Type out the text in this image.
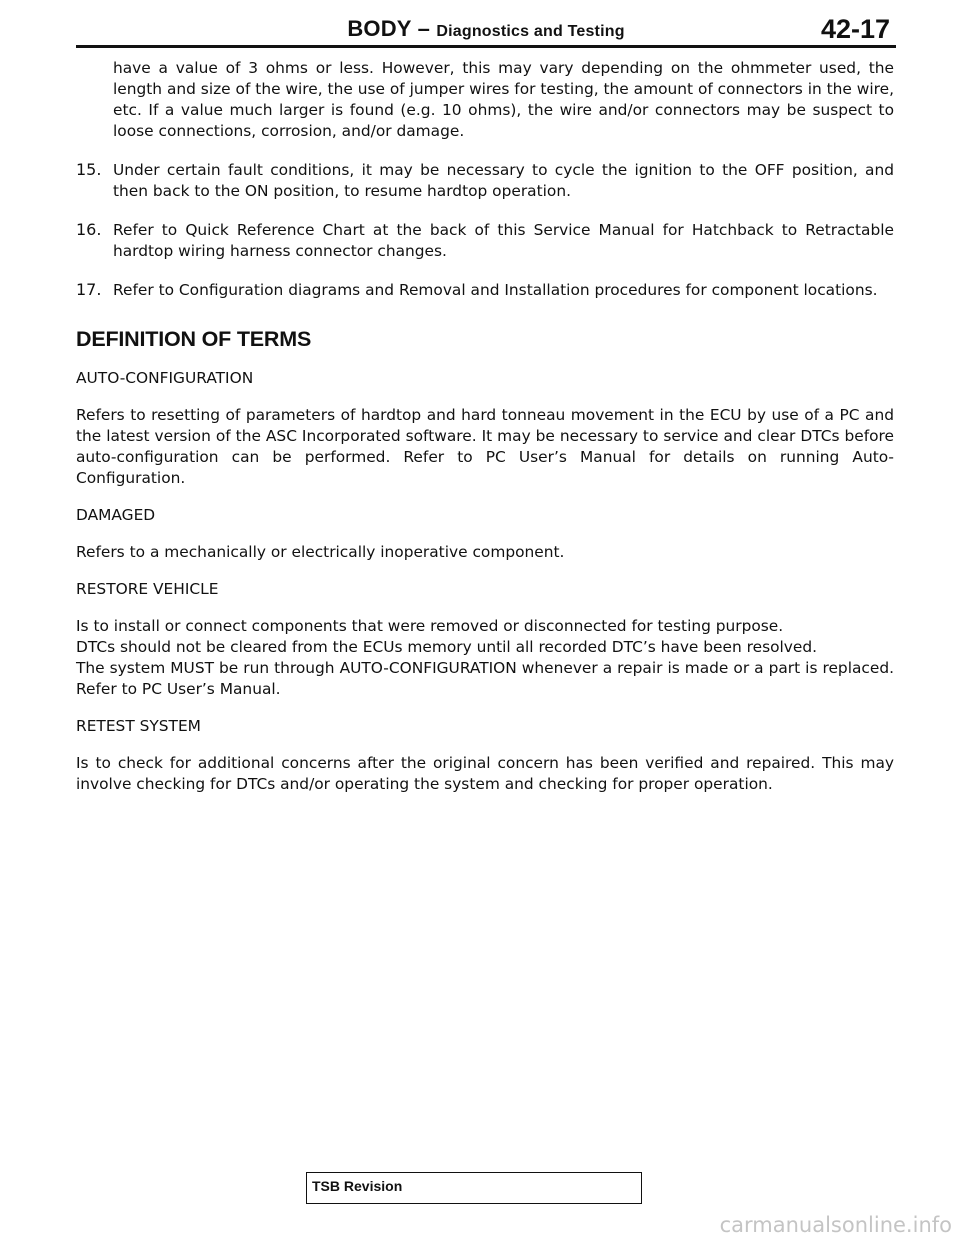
BODY – Diagnostics and Testing	42-17

have a value of 3 ohms or less. However, this may vary depending on the ohmmeter used, the length and size of the wire, the use of jumper wires for testing, the amount of connectors in the wire, etc. If a value much larger is found (e.g. 10 ohms), the wire and/or connectors may be suspect to loose connections, corrosion, and/or damage.

15. Under certain fault conditions, it may be necessary to cycle the ignition to the OFF position, and then back to the ON position, to resume hardtop operation.

16. Refer to Quick Reference Chart at the back of this Service Manual for Hatchback to Retractable hardtop wiring harness connector changes.

17. Refer to Configuration diagrams and Removal and Installation procedures for component locations.

DEFINITION OF TERMS

AUTO-CONFIGURATION

Refers to resetting of parameters of hardtop and hard tonneau movement in the ECU by use of a PC and the latest version of the ASC Incorporated software. It may be necessary to service and clear DTCs before auto-configuration can be performed. Refer to PC User’s Manual for details on running Auto-Configuration.

DAMAGED

Refers to a mechanically or electrically inoperative component.

RESTORE VEHICLE

Is to install or connect components that were removed or disconnected for testing purpose.

DTCs should not be cleared from the ECUs memory until all recorded DTC’s have been resolved.

The system MUST be run through AUTO-CONFIGURATION whenever a repair is made or a part is replaced. Refer to PC User’s Manual.

RETEST SYSTEM

Is to check for additional concerns after the original concern has been verified and repaired. This may involve checking for DTCs and/or operating the system and checking for proper operation.

TSB Revision
carmanualsonline.info
